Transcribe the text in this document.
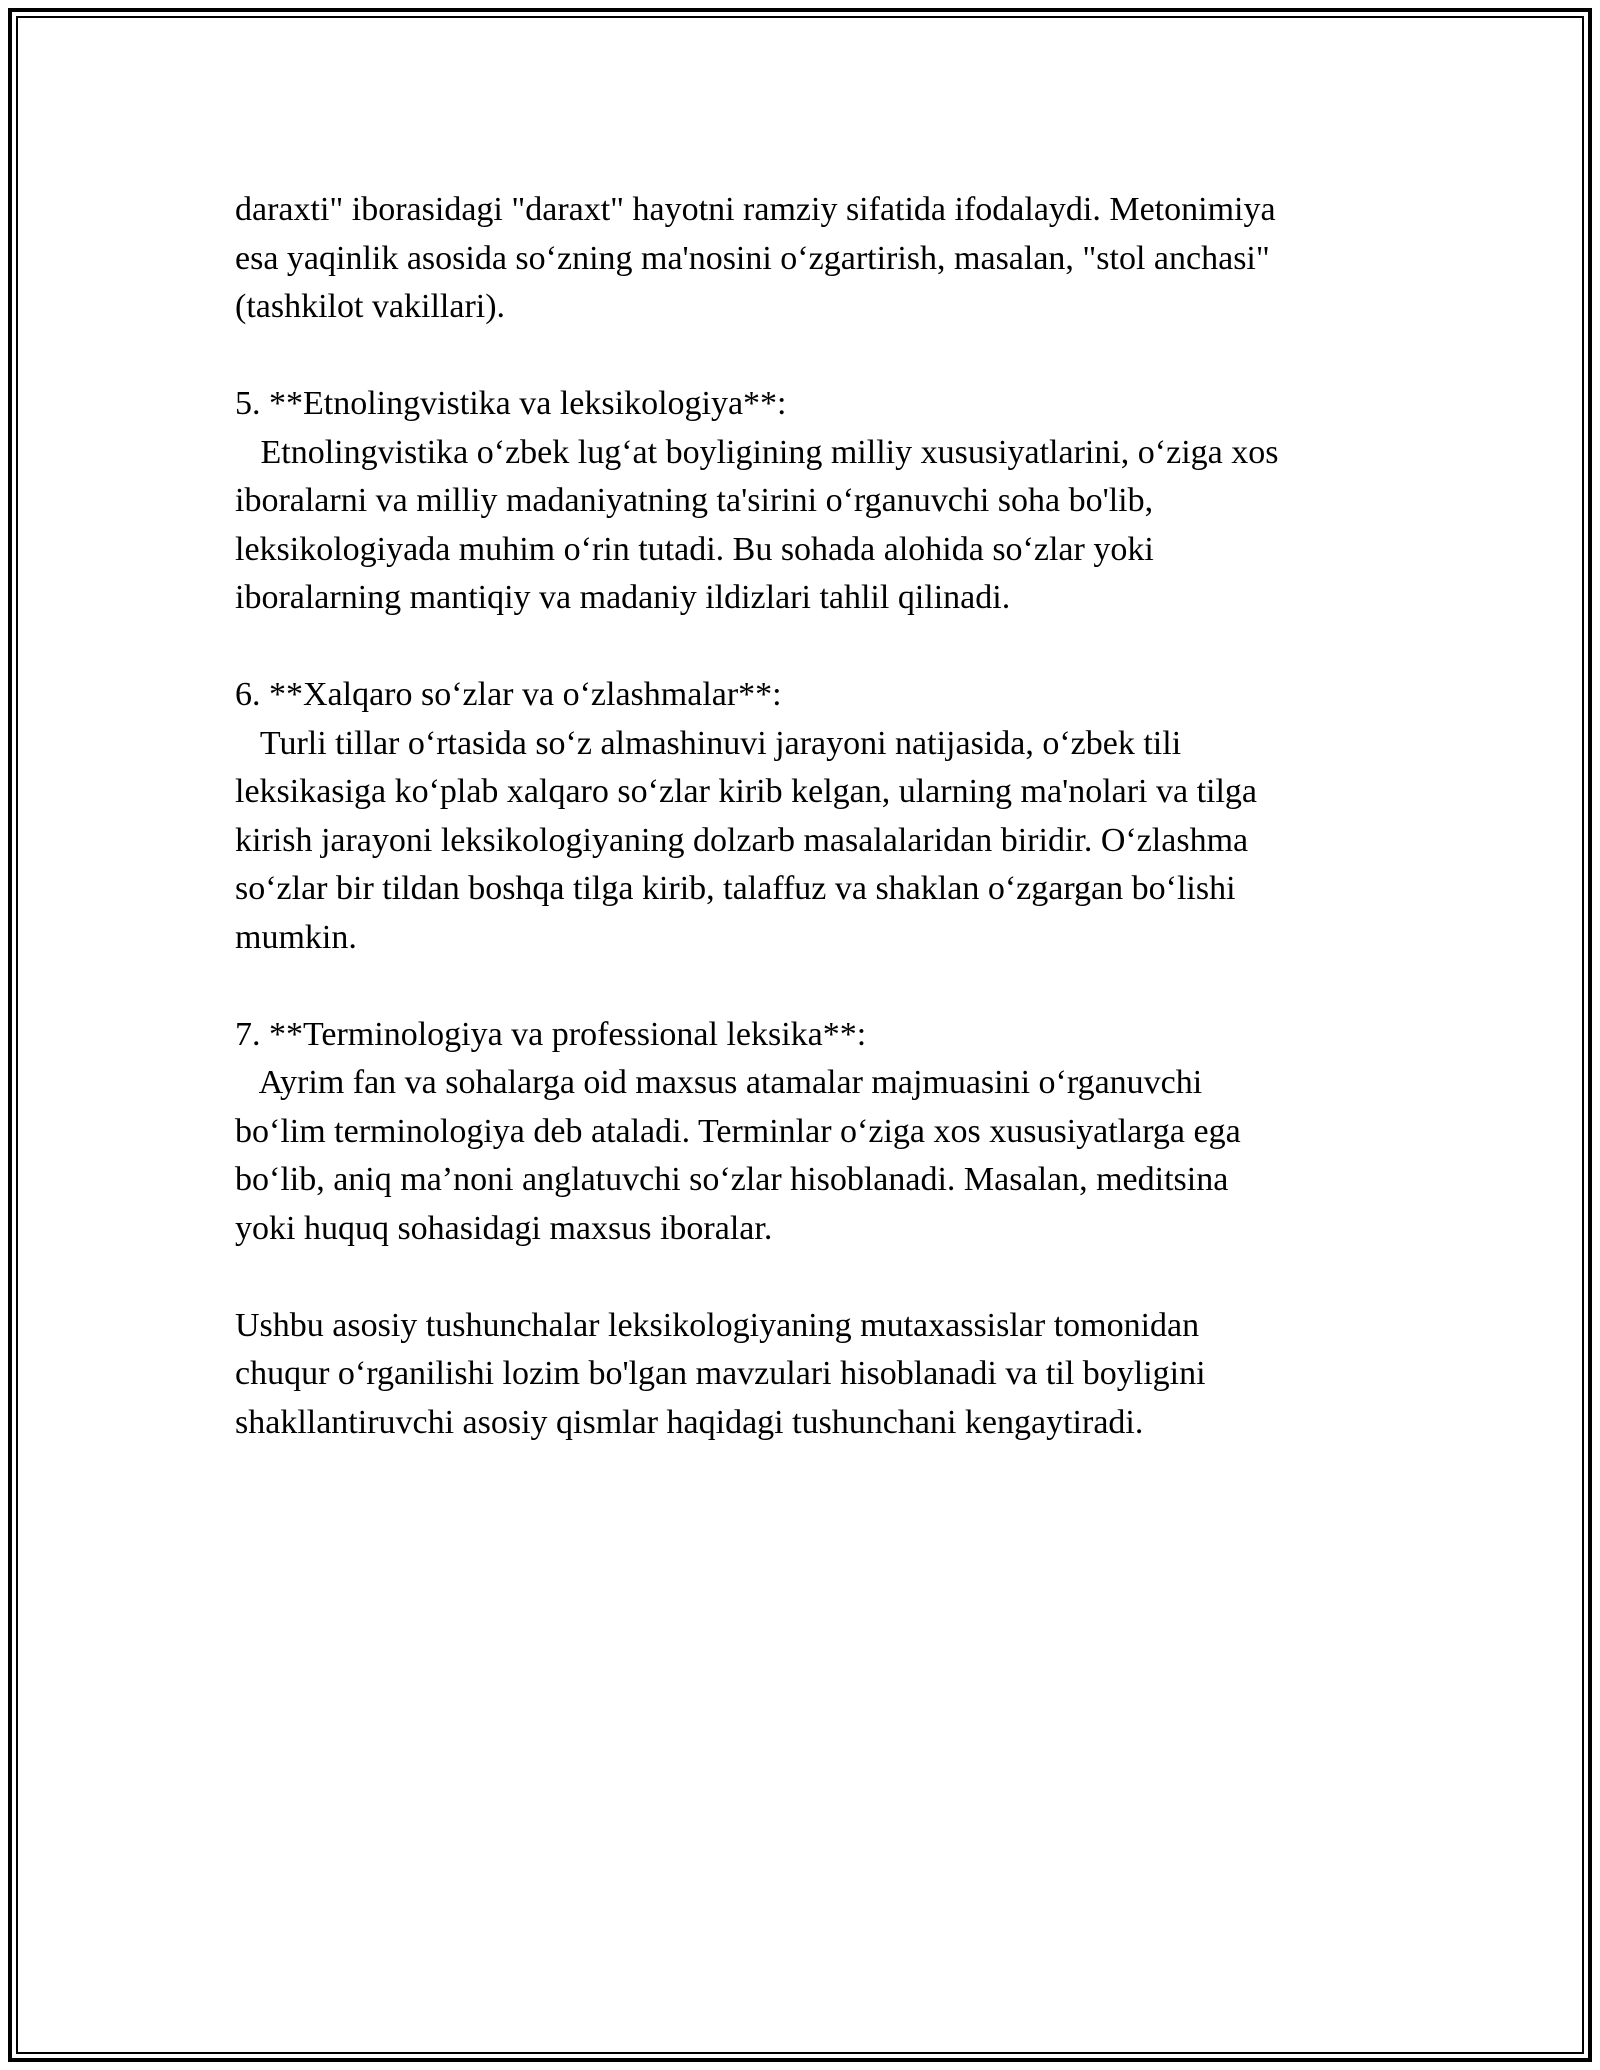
daraxti" iborasidagi "daraxt" hayotni ramziy sifatida ifodalaydi. Metonimiya
esa yaqinlik asosida so‘zning ma'nosini o‘zgartirish, masalan, "stol anchasi"
(tashkilot vakillari).
5. **Etnolingvistika va leksikologiya**:
Etnolingvistika o‘zbek lug‘at boyligining milliy xususiyatlarini, o‘ziga xos
iboralarni va milliy madaniyatning ta'sirini o‘rganuvchi soha bo'lib,
leksikologiyada muhim o‘rin tutadi. Bu sohada alohida so‘zlar yoki
iboralarning mantiqiy va madaniy ildizlari tahlil qilinadi.
6. **Xalqaro so‘zlar va o‘zlashmalar**:
Turli tillar o‘rtasida so‘z almashinuvi jarayoni natijasida, o‘zbek tili
leksikasiga ko‘plab xalqaro so‘zlar kirib kelgan, ularning ma'nolari va tilga
kirish jarayoni leksikologiyaning dolzarb masalalaridan biridir. O‘zlashma
so‘zlar bir tildan boshqa tilga kirib, talaffuz va shaklan o‘zgargan bo‘lishi
mumkin.
7. **Terminologiya va professional leksika**:
Ayrim fan va sohalarga oid maxsus atamalar majmuasini o‘rganuvchi
bo‘lim terminologiya deb ataladi. Terminlar o‘ziga xos xususiyatlarga ega
bo‘lib, aniq ma’noni anglatuvchi so‘zlar hisoblanadi. Masalan, meditsina
yoki huquq sohasidagi maxsus iboralar.
Ushbu asosiy tushunchalar leksikologiyaning mutaxassislar tomonidan
chuqur o‘rganilishi lozim bo'lgan mavzulari hisoblanadi va til boyligini
shakllantiruvchi asosiy qismlar haqidagi tushunchani kengaytiradi.
